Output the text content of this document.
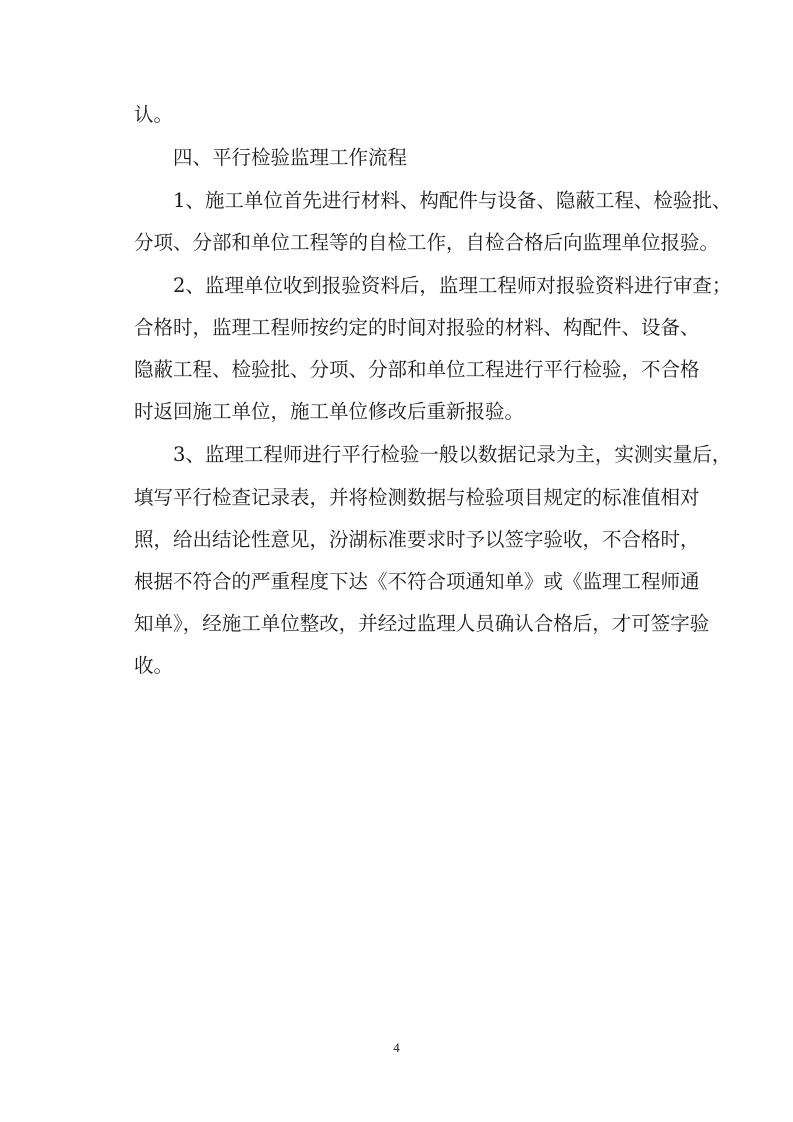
认。
四、平行检验监理工作流程
1、施工单位首先进行材料、构配件与设备、隐蔽工程、检验批、
分项、分部和单位工程等的自检工作，自检合格后向监理单位报验。
2、监理单位收到报验资料后，监理工程师对报验资料进行审查；
合格时，监理工程师按约定的时间对报验的材料、构配件、设备、
隐蔽工程、检验批、分项、分部和单位工程进行平行检验，不合格
时返回施工单位，施工单位修改后重新报验。
3、监理工程师进行平行检验一般以数据记录为主，实测实量后，
填写平行检查记录表，并将检测数据与检验项目规定的标准值相对
照，给出结论性意见，汾湖标准要求时予以签字验收，不合格时，
根据不符合的严重程度下达《不符合项通知单》或《监理工程师通
知单》，经施工单位整改，并经过监理人员确认合格后，才可签字验
收。
4
